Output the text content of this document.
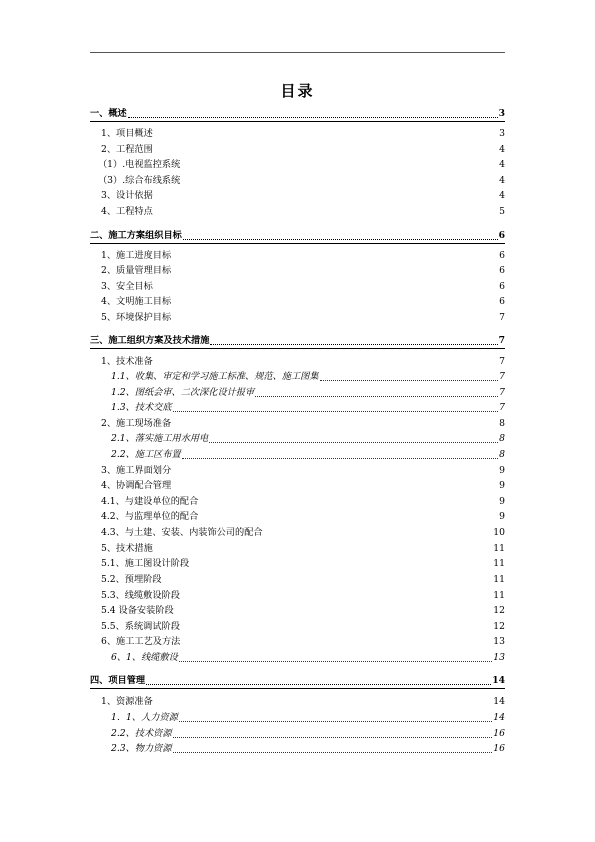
目录
一、概述	3
1、项目概述	3
2、工程范围	4
（1）.电视监控系统	4
（3）.综合布线系统	4
3、设计依据	4
4、工程特点	5
二、施工方案组织目标	6
1、施工进度目标	6
2、质量管理目标	6
3、安全目标	6
4、文明施工目标	6
5、环境保护目标	7
三、施工组织方案及技术措施	7
1、技术准备	7
1.1、收集、审定和学习施工标准、规范、施工图集	7
1.2、图纸会审、二次深化设计报审	7
1.3、技术交底	7
2、施工现场准备	8
2.1、落实施工用水用电	8
2.2、施工区布置	8
3、施工界面划分	9
4、协调配合管理	9
4.1、与建设单位的配合	9
4.2、与监理单位的配合	9
4.3、与土建、安装、内装饰公司的配合	10
5、技术措施	11
5.1、施工图设计阶段	11
5.2、预埋阶段	11
5.3、线缆敷设阶段	11
5.4 设备安装阶段	12
5.5、系统调试阶段	12
6、施工工艺及方法	13
6、1、线缆敷设	13
四、项目管理	14
1、资源准备	14
1．1、人力资源	14
2.2、技术资源	16
2.3、物力资源	16
